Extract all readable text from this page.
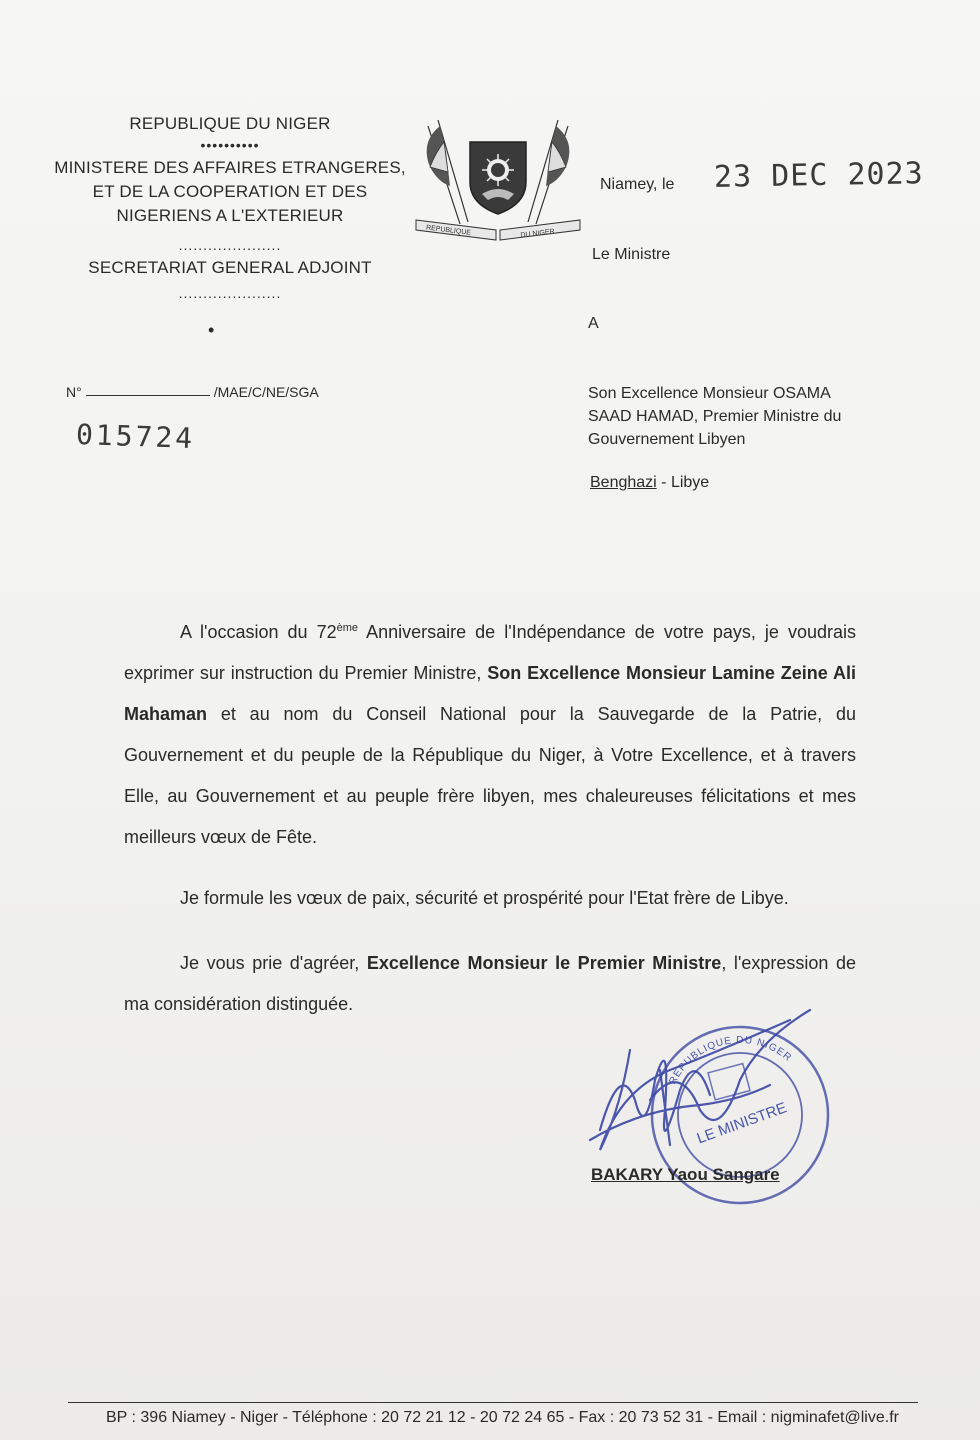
REPUBLIQUE DU NIGER
••••••••••
MINISTERE DES AFFAIRES ETRANGERES,
ET DE LA COOPERATION ET DES
NIGERIENS A L'EXTERIEUR
.....................
SECRETARIAT GENERAL ADJOINT
.....................
REPUBLIQUE	DU NIGER
Niamey, le 23 DEC 2023
Le Ministre
A
Son Excellence Monsieur OSAMA
SAAD HAMAD, Premier Ministre du
Gouvernement Libyen
Benghazi - Libye
•
N°	/MAE/C/NE/SGA
015724

A l'occasion du 72ème Anniversaire de l'Indépendance de votre pays, je voudrais exprimer sur instruction du Premier Ministre, Son Excellence Monsieur Lamine Zeine Ali Mahaman et au nom du Conseil National pour la Sauvegarde de la Patrie, du Gouvernement et du peuple de la République du Niger, à Votre Excellence, et à travers Elle, au Gouvernement et au peuple frère libyen, mes chaleureuses félicitations et mes meilleurs vœux de Fête.

Je formule les vœux de paix, sécurité et prospérité pour l'Etat frère de Libye.

Je vous prie d'agréer, Excellence Monsieur le Premier Ministre, l'expression de ma considération distinguée.

REPUBLIQUE DU NIGER
LE MINISTRE
BAKARY Yaou Sangare
BP : 396 Niamey - Niger - Téléphone : 20 72 21 12 - 20 72 24 65 - Fax : 20 73 52 31 - Email : nigminafet@live.fr
